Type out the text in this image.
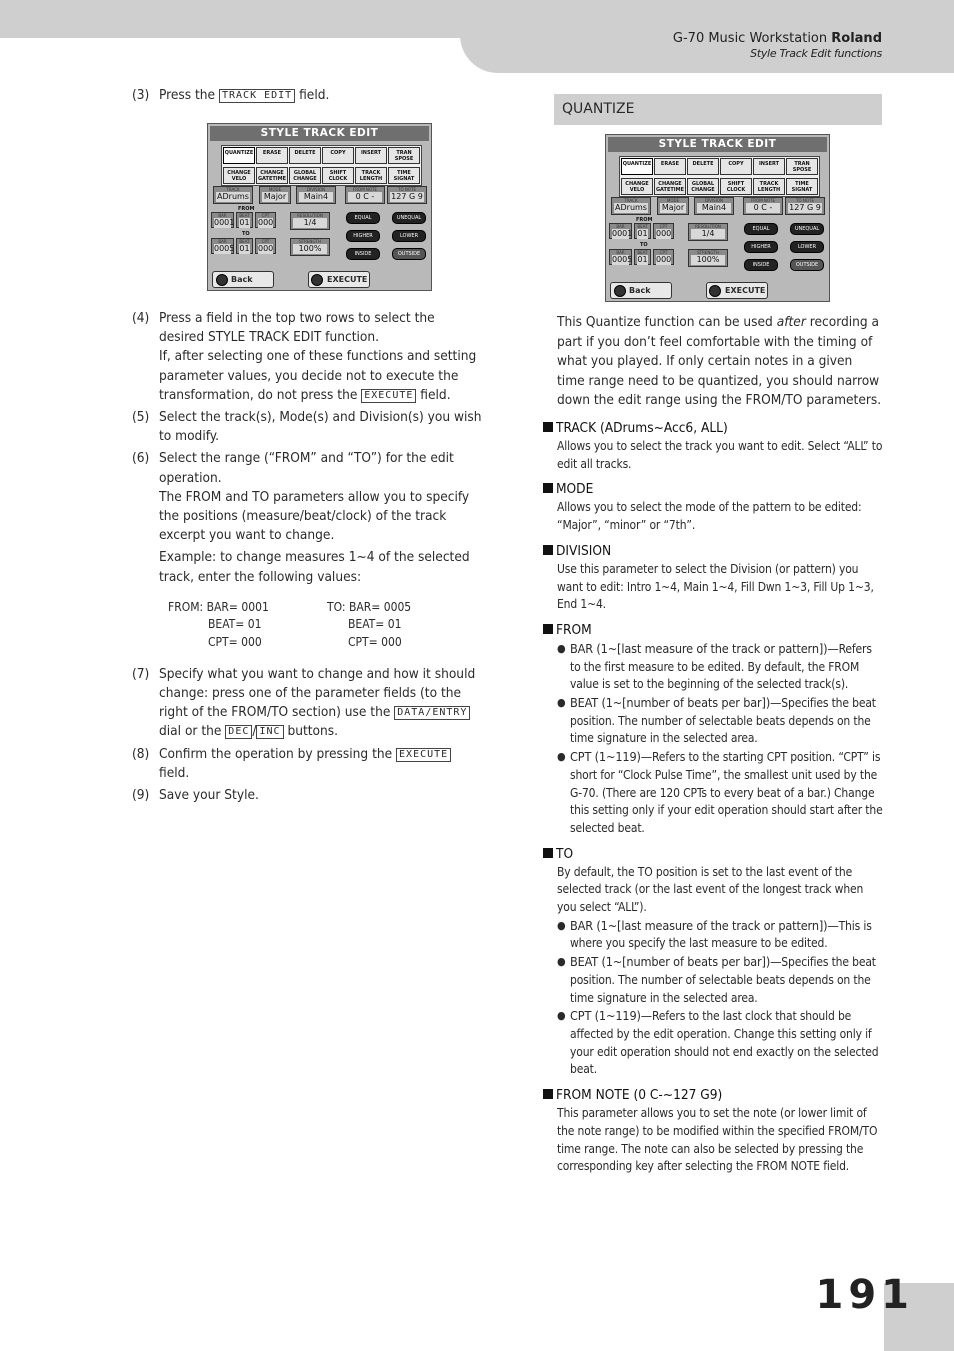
G-70 Music Workstation Roland
Style Track Edit functions
(3) Press the TRACK EDIT field.
STYLE TRACK EDIT
QUANTIZE	ERASE	DELETE	COPY	INSERT	TRAN SPOSE
CHANGE VELO
CHANGE GATETIME
GLOBAL CHANGE
SHIFT CLOCK
TRACK LENGTH
TIME SIGNAT
TRACK
ADrums
MODE
Major
DIVISION
Main4
FROM NOTE
0 C -
TO NOTE
127 G 9
FROM
BAR
0001
BEAT
01
CPT
000
TO
BAR
0005
BEAT
01
CPT
000
RESOLUTION
1/4
STRENGTH
100%
EQUAL	UNEQUAL
HIGHER	LOWER
INSIDE	OUTSIDE
Back	EXECUTE
(4) Press a field in the top two rows to select the desired STYLE TRACK EDIT function.

If, after selecting one of these functions and setting parameter values, you decide not to execute the transformation, do not press the EXECUTE field.

(5) Select the track(s), Mode(s) and Division(s) you wish to modify.
(6) Select the range (“FROM” and “TO”) for the edit operation.

The FROM and TO parameters allow you to specify the positions (measure/beat/clock) of the track excerpt you want to change.

Example: to change measures 1~4 of the selected track, enter the following values:

FROM: BAR= 0001
BEAT= 01
CPT= 000
TO: BAR= 0005
BEAT= 01
CPT= 000
(7) Specify what you want to change and how it should change: press one of the parameter fields (to the right of the FROM/TO section) use the DATA/ENTRY dial or the DEC / INC buttons.
(8) Confirm the operation by pressing the EXECUTE field.
(9) Save your Style.
QUANTIZE
STYLE TRACK EDIT
QUANTIZE	ERASE	DELETE	COPY	INSERT	TRAN SPOSE
CHANGE VELO
CHANGE GATETIME
GLOBAL CHANGE
SHIFT CLOCK
TRACK LENGTH
TIME SIGNAT
TRACK
ADrums
MODE
Major
DIVISION
Main4
FROM NOTE
0 C -
TO NOTE
127 G 9
FROM
BAR
0001
BEAT
01
CPT
000
TO
BAR
0005
BEAT
01
CPT
000
RESOLUTION
1/4
STRENGTH
100%
EQUAL	UNEQUAL
HIGHER	LOWER
INSIDE	OUTSIDE
Back	EXECUTE
This Quantize function can be used after recording a part if you don’t feel comfortable with the timing of what you played. If only certain notes in a given time range need to be quantized, you should narrow down the edit range using the FROM/TO parameters.
TRACK (ADrums~Acc6, ALL)
Allows you to select the track you want to edit. Select “ALL” to edit all tracks.
MODE
Allows you to select the mode of the pattern to be edited: “Major”, “minor” or “7th”.
DIVISION
Use this parameter to select the Division (or pattern) you want to edit: Intro 1~4, Main 1~4, Fill Dwn 1~3, Fill Up 1~3, End 1~4.
FROM
● BAR (1~[last measure of the track or pattern])—Refers to the first measure to be edited. By default, the FROM value is set to the beginning of the selected track(s).
● BEAT (1~[number of beats per bar])—Specifies the beat position. The number of selectable beats depends on the time signature in the selected area.
● CPT (1~119)—Refers to the starting CPT position. “CPT” is short for “Clock Pulse Time”, the smallest unit used by the G-70. (There are 120 CPTs to every beat of a bar.) Change this setting only if your edit operation should start after the selected beat.
TO
By default, the TO position is set to the last event of the selected track (or the last event of the longest track when you select “ALL”).
● BAR (1~[last measure of the track or pattern])—This is where you specify the last measure to be edited.
● BEAT (1~[number of beats per bar])—Specifies the beat position. The number of selectable beats depends on the time signature in the selected area.
● CPT (1~119)—Refers to the last clock that should be affected by the edit operation. Change this setting only if your edit operation should not end exactly on the selected beat.
FROM NOTE (0 C-~127 G9)
This parameter allows you to set the note (or lower limit of the note range) to be modified within the specified FROM/TO time range. The note can also be selected by pressing the corresponding key after selecting the FROM NOTE field.
191
